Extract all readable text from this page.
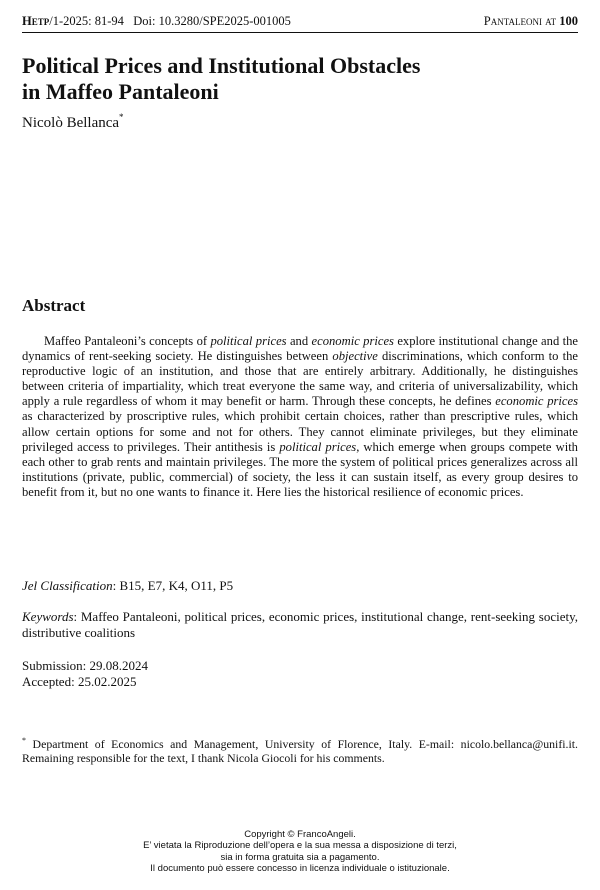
Hetp/1-2025: 81-94 Doi: 10.3280/SPE2025-001005	Pantaleoni at 100
Political Prices and Institutional Obstacles
in Maffeo Pantaleoni
Nicolò Bellanca*
Abstract

Maffeo Pantaleoni’s concepts of political prices and economic prices explore institutional change and the dynamics of rent-seeking society. He distinguishes between objective discriminations, which conform to the reproductive logic of an institution, and those that are entirely arbitrary. Additionally, he distinguishes between criteria of impartiality, which treat everyone the same way, and criteria of universalizability, which apply a rule regardless of whom it may benefit or harm. Through these concepts, he defines economic prices as characterized by proscriptive rules, which prohibit certain choices, rather than prescriptive rules, which allow certain options for some and not for others. They cannot eliminate privileges, but they eliminate privileged access to privileges. Their antithesis is political prices, which emerge when groups compete with each other to grab rents and maintain privileges. The more the system of political prices generalizes across all institutions (private, public, commercial) of society, the less it can sustain itself, as every group desires to benefit from it, but no one wants to finance it. Here lies the historical resilience of economic prices.

Jel Classification: B15, E7, K4, O11, P5
Keywords: Maffeo Pantaleoni, political prices, economic prices, institutional change, rent-seeking society, distributive coalitions
Submission: 29.08.2024
Accepted: 25.02.2025
* Department of Economics and Management, University of Florence, Italy. E-mail: nicolo.bellanca@unifi.it. Remaining responsible for the text, I thank Nicola Giocoli for his comments.
Copyright © FrancoAngeli.
E’ vietata la Riproduzione dell’opera e la sua messa a disposizione di terzi,
sia in forma gratuita sia a pagamento.
Il documento può essere concesso in licenza individuale o istituzionale.
